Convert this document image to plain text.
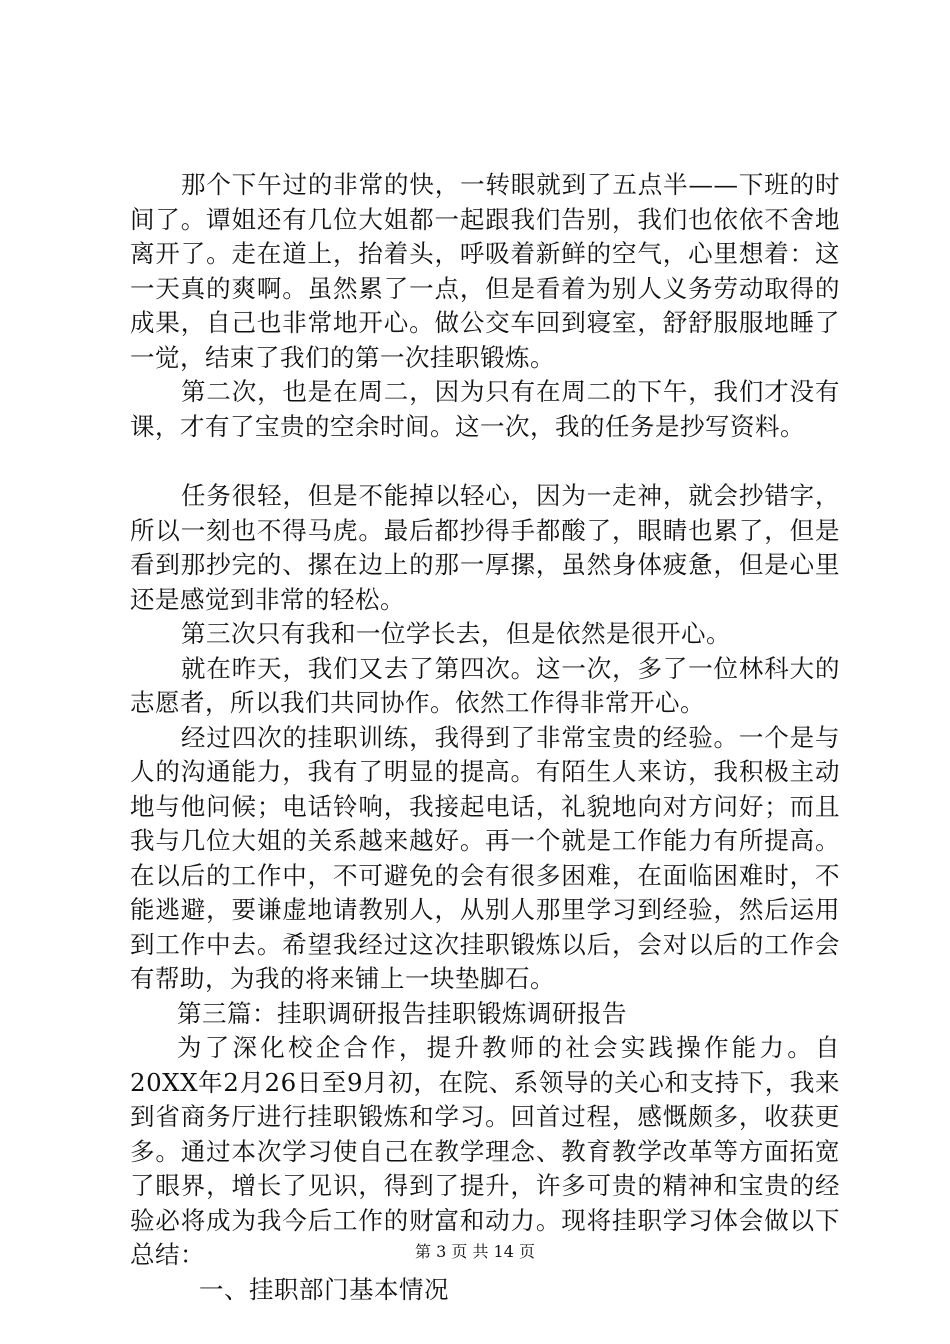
那个下午过的非常的快，一转眼就到了五点半——下班的时间了。谭姐还有几位大姐都一起跟我们告别，我们也依依不舍地离开了。走在道上，抬着头，呼吸着新鲜的空气，心里想着：这一天真的爽啊。虽然累了一点，但是看着为别人义务劳动取得的成果，自己也非常地开心。做公交车回到寝室，舒舒服服地睡了一觉，结束了我们的第一次挂职锻炼。

第二次，也是在周二，因为只有在周二的下午，我们才没有课，才有了宝贵的空余时间。这一次，我的任务是抄写资料。

任务很轻，但是不能掉以轻心，因为一走神，就会抄错字，所以一刻也不得马虎。最后都抄得手都酸了，眼睛也累了，但是看到那抄完的、摞在边上的那一厚摞，虽然身体疲惫，但是心里还是感觉到非常的轻松。

第三次只有我和一位学长去，但是依然是很开心。

就在昨天，我们又去了第四次。这一次，多了一位林科大的志愿者，所以我们共同协作。依然工作得非常开心。

经过四次的挂职训练，我得到了非常宝贵的经验。一个是与人的沟通能力，我有了明显的提高。有陌生人来访，我积极主动地与他问候；电话铃响，我接起电话，礼貌地向对方问好；而且我与几位大姐的关系越来越好。再一个就是工作能力有所提高。在以后的工作中，不可避免的会有很多困难，在面临困难时，不能逃避，要谦虚地请教别人，从别人那里学习到经验，然后运用到工作中去。希望我经过这次挂职锻炼以后，会对以后的工作会有帮助，为我的将来铺上一块垫脚石。

第三篇：挂职调研报告挂职锻炼调研报告

为了深化校企合作，提升教师的社会实践操作能力。自20XX年2月26日至9月初，在院、系领导的关心和支持下，我来到省商务厅进行挂职锻炼和学习。回首过程，感慨颇多，收获更多。通过本次学习使自己在教学理念、教育教学改革等方面拓宽了眼界，增长了见识，得到了提升，许多可贵的精神和宝贵的经验必将成为我今后工作的财富和动力。现将挂职学习体会做以下总结：

一、挂职部门基本情况

第 3 页 共 14 页
